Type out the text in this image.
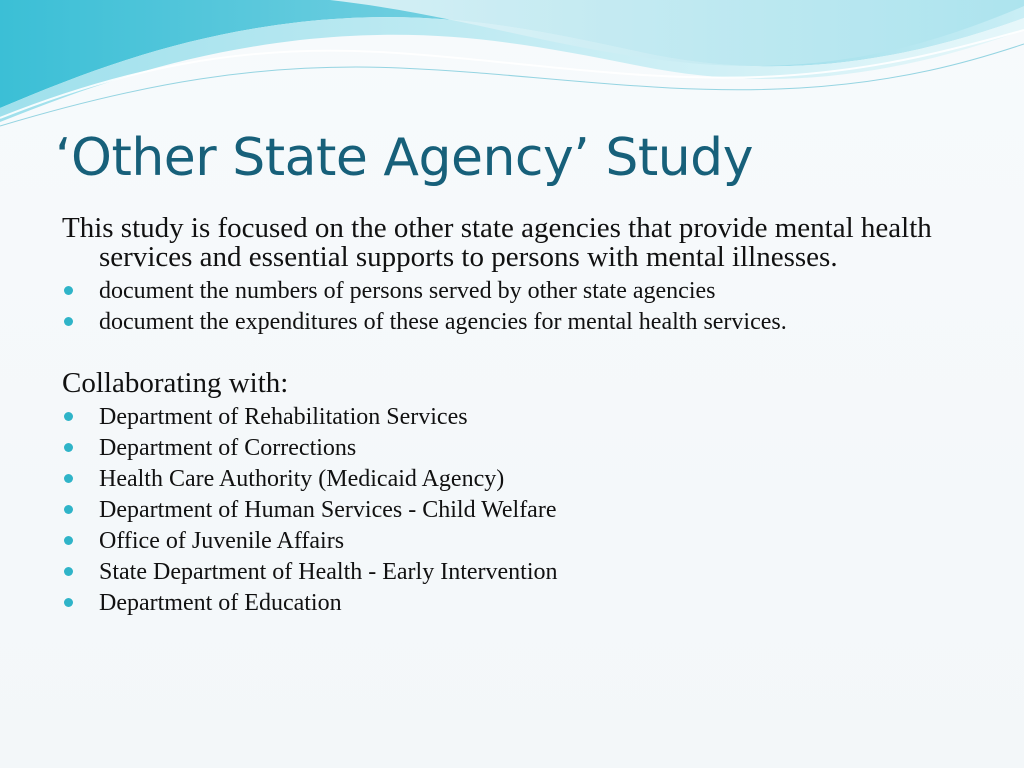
‘Other State Agency’ Study

This study is focused on the other state agencies that provide mental health services and essential supports to persons with mental illnesses.

document the numbers of persons served by other state agencies
document the expenditures of these agencies for mental health services.

Collaborating with:

Department of Rehabilitation Services
Department of Corrections
Health Care Authority (Medicaid Agency)
Department of Human Services - Child Welfare
Office of Juvenile Affairs
State Department of Health - Early Intervention
Department of Education
